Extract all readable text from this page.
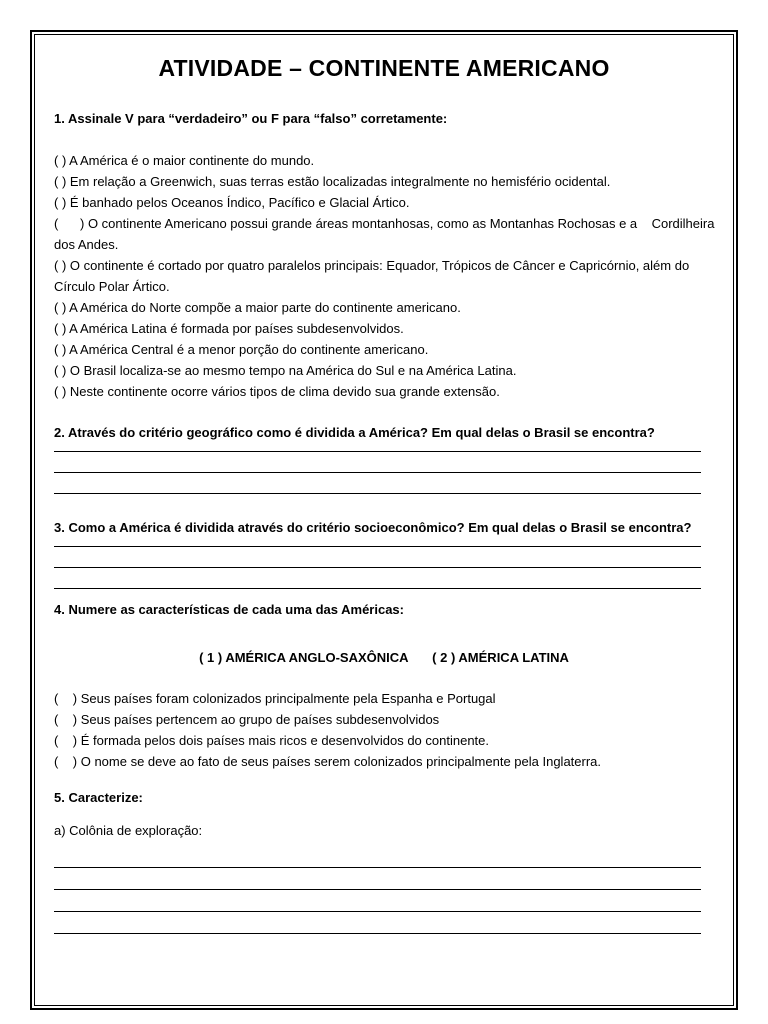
ATIVIDADE – CONTINENTE AMERICANO
1. Assinale V para “verdadeiro” ou F para “falso” corretamente:
( ) A América é o maior continente do mundo.
( ) Em relação a Greenwich, suas terras estão localizadas integralmente no hemisfério ocidental.
( ) É banhado pelos Oceanos Índico, Pacífico e Glacial Ártico.
(      ) O continente Americano possui grande áreas montanhosas, como as Montanhas Rochosas e a    Cordilheira
dos Andes.
( ) O continente é cortado por quatro paralelos principais: Equador, Trópicos de Câncer e Capricórnio, além do
Círculo Polar Ártico.
( ) A América do Norte compõe a maior parte do continente americano.
( ) A América Latina é formada por países subdesenvolvidos.
( ) A América Central é a menor porção do continente americano.
( ) O Brasil localiza-se ao mesmo tempo na América do Sul e na América Latina.
( ) Neste continente ocorre vários tipos de clima devido sua grande extensão.
2. Através do critério geográfico como é dividida a América? Em qual delas o Brasil se encontra?
3. Como a América é dividida através do critério socioeconômico? Em qual delas o Brasil se encontra?
4. Numere as características de cada uma das Américas:
( 1 ) AMÉRICA ANGLO-SAXÔNICA ( 2 ) AMÉRICA LATINA
(    ) Seus países foram colonizados principalmente pela Espanha e Portugal
(    ) Seus países pertencem ao grupo de países subdesenvolvidos
(    ) É formada pelos dois países mais ricos e desenvolvidos do continente.
(    ) O nome se deve ao fato de seus países serem colonizados principalmente pela Inglaterra.
5. Caracterize:
a) Colônia de exploração:
